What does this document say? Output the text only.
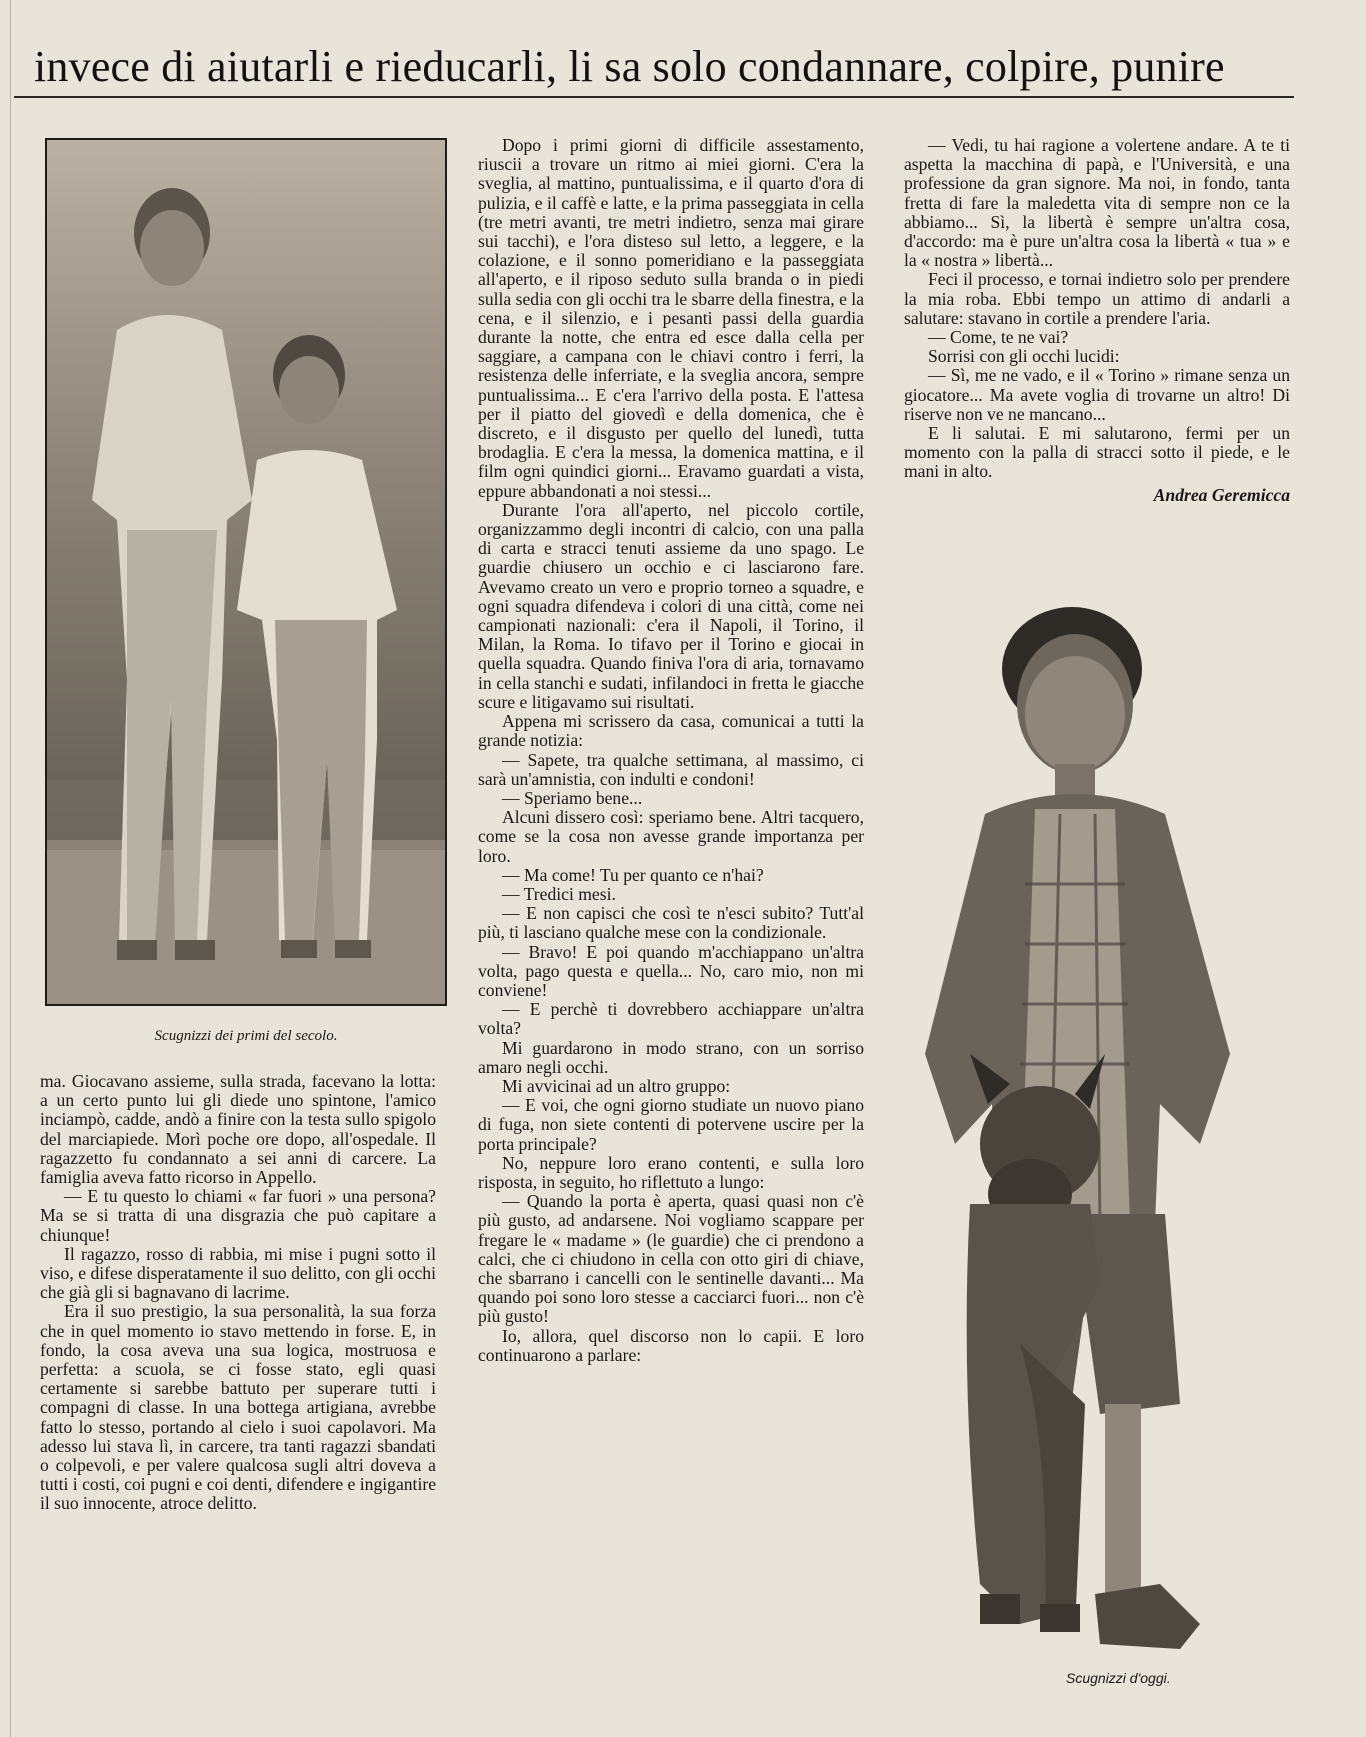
invece di aiutarli e rieducarli, li sa solo condannare, colpire, punire
Scugnizzi dei primi del secolo.

ma. Giocavano assieme, sulla strada, facevano la lotta: a un certo punto lui gli diede uno spintone, l'amico inciampò, cadde, andò a finire con la testa sullo spigolo del marciapiede. Morì poche ore dopo, all'ospedale. Il ragazzetto fu condannato a sei anni di carcere. La famiglia aveva fatto ricorso in Appello.

— E tu questo lo chiami « far fuori » una persona? Ma se si tratta di una disgrazia che può capitare a chiunque!

Il ragazzo, rosso di rabbia, mi mise i pugni sotto il viso, e difese disperatamente il suo delitto, con gli occhi che già gli si bagnavano di lacrime.

Era il suo prestigio, la sua personalità, la sua forza che in quel momento io stavo mettendo in forse. E, in fondo, la cosa aveva una sua logica, mostruosa e perfetta: a scuola, se ci fosse stato, egli quasi certamente si sarebbe battuto per superare tutti i compagni di classe. In una bottega artigiana, avrebbe fatto lo stesso, portando al cielo i suoi capolavori. Ma adesso lui stava lì, in carcere, tra tanti ragazzi sbandati o colpevoli, e per valere qualcosa sugli altri doveva a tutti i costi, coi pugni e coi denti, difendere e ingigantire il suo innocente, atroce delitto.

Dopo i primi giorni di difficile assestamento, riuscii a trovare un ritmo ai miei giorni. C'era la sveglia, al mattino, puntualissima, e il quarto d'ora di pulizia, e il caffè e latte, e la prima passeggiata in cella (tre metri avanti, tre metri indietro, senza mai girare sui tacchi), e l'ora disteso sul letto, a leggere, e la colazione, e il sonno pomeridiano e la passeggiata all'aperto, e il riposo seduto sulla branda o in piedi sulla sedia con gli occhi tra le sbarre della finestra, e la cena, e il silenzio, e i pesanti passi della guardia durante la notte, che entra ed esce dalla cella per saggiare, a campana con le chiavi contro i ferri, la resistenza delle inferriate, e la sveglia ancora, sempre puntualissima... E c'era l'arrivo della posta. E l'attesa per il piatto del giovedì e della domenica, che è discreto, e il disgusto per quello del lunedì, tutta brodaglia. E c'era la messa, la domenica mattina, e il film ogni quindici giorni... Eravamo guardati a vista, eppure abbandonati a noi stessi...

Durante l'ora all'aperto, nel piccolo cortile, organizzammo degli incontri di calcio, con una palla di carta e stracci tenuti assieme da uno spago. Le guardie chiusero un occhio e ci lasciarono fare. Avevamo creato un vero e proprio torneo a squadre, e ogni squadra difendeva i colori di una città, come nei campionati nazionali: c'era il Napoli, il Torino, il Milan, la Roma. Io tifavo per il Torino e giocai in quella squadra. Quando finiva l'ora di aria, tornavamo in cella stanchi e sudati, infilandoci in fretta le giacche scure e litigavamo sui risultati.

Appena mi scrissero da casa, comunicai a tutti la grande notizia:

— Sapete, tra qualche settimana, al massimo, ci sarà un'amnistia, con indulti e condoni!

— Speriamo bene...

Alcuni dissero così: speriamo bene. Altri tacquero, come se la cosa non avesse grande importanza per loro.

— Ma come! Tu per quanto ce n'hai?

— Tredici mesi.

— E non capisci che così te n'esci subito? Tutt'al più, ti lasciano qualche mese con la condizionale.

— Bravo! E poi quando m'acchiappano un'altra volta, pago questa e quella... No, caro mio, non mi conviene!

— E perchè ti dovrebbero acchiappare un'altra volta?

Mi guardarono in modo strano, con un sorriso amaro negli occhi.

Mi avvicinai ad un altro gruppo:

— E voi, che ogni giorno studiate un nuovo piano di fuga, non siete contenti di potervene uscire per la porta principale?

No, neppure loro erano contenti, e sulla loro risposta, in seguito, ho riflettuto a lungo:

— Quando la porta è aperta, quasi quasi non c'è più gusto, ad andarsene. Noi vogliamo scappare per fregare le « madame » (le guardie) che ci prendono a calci, che ci chiudono in cella con otto giri di chiave, che sbarrano i cancelli con le sentinelle davanti... Ma quando poi sono loro stesse a cacciarci fuori... non c'è più gusto!

Io, allora, quel discorso non lo capii. E loro continuarono a parlare:

— Vedi, tu hai ragione a volertene andare. A te ti aspetta la macchina di papà, e l'Università, e una professione da gran signore. Ma noi, in fondo, tanta fretta di fare la maledetta vita di sempre non ce la abbiamo... Sì, la libertà è sempre un'altra cosa, d'accordo: ma è pure un'altra cosa la libertà « tua » e la « nostra » libertà...

Feci il processo, e tornai indietro solo per prendere la mia roba. Ebbi tempo un attimo di andarli a salutare: stavano in cortile a prendere l'aria.

— Come, te ne vai?

Sorrisi con gli occhi lucidi:

— Sì, me ne vado, e il « Torino » rimane senza un giocatore... Ma avete voglia di trovarne un altro! Di riserve non ve ne mancano...

E li salutai. E mi salutarono, fermi per un momento con la palla di stracci sotto il piede, e le mani in alto.

Andrea Geremicca
Scugnizzi d'oggi.
